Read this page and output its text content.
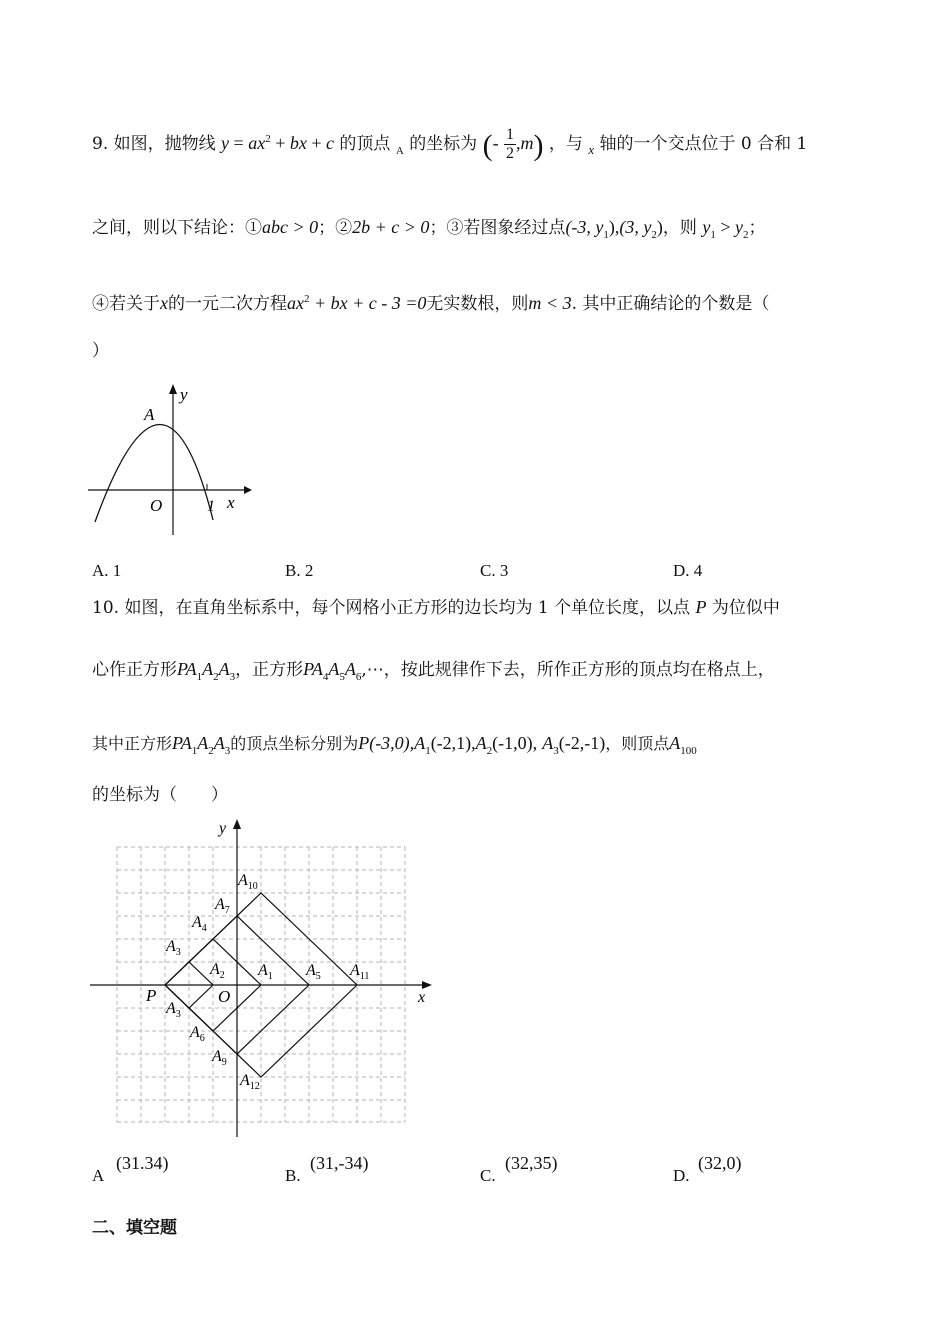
9. 如图，抛物线 $y = ax^2$ + bx + c 的顶点 $_A$ 的坐标为 (- $\frac{1}{2} ,m$) ，与 $_x$ 轴的一个交点位于 0 合和 1
之间，则以下结论：①abc > 0；②2b + c > 0；③若图象经过点(-3, $y_1),(3$, $y_2$)，则 $y_1 > y_2$；
④若关于x的一元二次方程$ax^2$ + bx + c - 3 =0无实数根，则m < 3. 其中正确结论的个数是（
）
y
x
A
O	1
A. 1	B. 2	C. 3	D. 4
10. 如图，在直角坐标系中，每个网格小正方形的边长均为 1 个单位长度，以点 P 为位似中
心作正方形$PA_1A_2A_3$，正方形$PA_4A_5A_6,\cdots$，按此规律作下去，所作正方形的顶点均在格点上，
其中正方形$PA_1A_2A_3$的顶点坐标分别为$P(-3,0),A_1(-2,1),A_2(-1,0)$, $A_3(-2,-1)$，则顶点$A_{100}$
的坐标为（　　）
y
x
P	O
$A_{10}$
$A_7$
$A_4$
$A_3$
$A_2$ $A_1$ $A_5$ $A_{11}$
$A_3$
$A_6$
$A_9$
$A_{12}$
A
(31.34)
B.
(31,-34)
C.
(32,35)
D.
(32,0)
二、填空题
